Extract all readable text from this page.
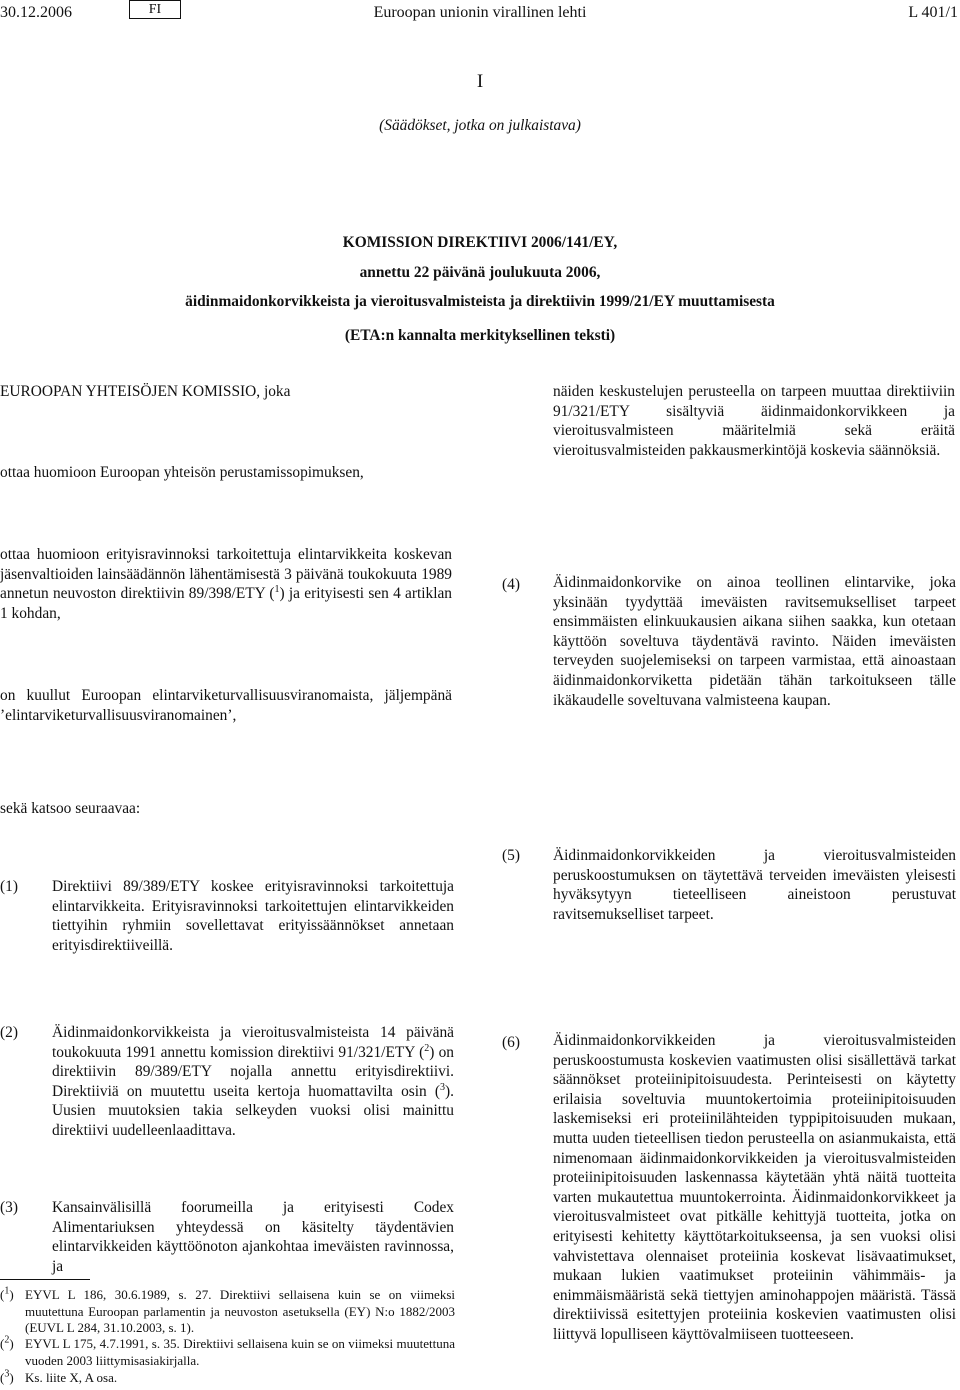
30.12.2006	FI	Euroopan unionin virallinen lehti	L 401/1
I
(Säädökset, jotka on julkaistava)
KOMISSION DIREKTIIVI 2006/141/EY,
annettu 22 päivänä joulukuuta 2006,
äidinmaidonkorvikkeista ja vieroitusvalmisteista ja direktiivin 1999/21/EY muuttamisesta
(ETA:n kannalta merkityksellinen teksti)
EUROOPAN YHTEISÖJEN KOMISSIO, joka
ottaa huomioon Euroopan yhteisön perustamissopimuksen,
ottaa huomioon erityisravinnoksi tarkoitettuja elintarvikkeita koskevan jäsenvaltioiden lainsäädännön lähentämisestä 3 päivänä toukokuuta 1989 annetun neuvoston direktiivin 89/398/ETY ($^1$) ja erityisesti sen 4 artiklan 1 kohdan,
on kuullut Euroopan elintarviketurvallisuusviranomaista, jäljempänä ’elintarviketurvallisuusviranomainen’,
sekä katsoo seuraavaa:
(1)	Direktiivi 89/389/ETY koskee erityisravinnoksi tarkoitettuja elintarvikkeita. Erityisravinnoksi tarkoitettujen elintarvikkeiden tiettyihin ryhmiin sovellettavat erityissäännökset annetaan erityisdirektiiveillä.

(2)	Äidinmaidonkorvikkeista ja vieroitusvalmisteista 14 päivänä toukokuuta 1991 annettu komission direktiivi 91/321/ETY ($^2$) on direktiivin 89/389/ETY nojalla annettu erityisdirektiivi. Direktiiviä on muutettu useita kertoja huomattavilta osin ($^3$). Uusien muutoksien takia selkeyden vuoksi olisi mainittu direktiivi uudelleenlaadittava.

(3)	Kansainvälisillä foorumeilla ja erityisesti Codex Alimentariuksen yhteydessä on käsitelty täydentävien elintarvikkeiden käyttöönoton ajankohtaa imeväisten ravinnossa, ja

($^1$) EYVL L 186, 30.6.1989, s. 27. Direktiivi sellaisena kuin se on viimeksi muutettuna Euroopan parlamentin ja neuvoston asetuksella (EY) N:o 1882/2003 (EUVL L 284, 31.10.2003, s. 1).

($^2$) EYVL L 175, 4.7.1991, s. 35. Direktiivi sellaisena kuin se on viimeksi muutettuna vuoden 2003 liittymisasiakirjalla.

($^3$) Ks. liite X, A osa.

näiden keskustelujen perusteella on tarpeen muuttaa direktiiviin 91/321/ETY sisältyviä äidinmaidonkorvikkeen ja vieroitusvalmisteen määritelmiä sekä eräitä vieroitusvalmisteiden pakkausmerkintöjä koskevia säännöksiä.
(4)	Äidinmaidonkorvike on ainoa teollinen elintarvike, joka yksinään tyydyttää imeväisten ravitsemukselliset tarpeet ensimmäisten elinkuukausien aikana siihen saakka, kun otetaan käyttöön soveltuva täydentävä ravinto. Näiden imeväisten terveyden suojelemiseksi on tarpeen varmistaa, että ainoastaan äidinmaidonkorviketta pidetään tähän tarkoitukseen tälle ikäkaudelle soveltuvana valmisteena kaupan.

(5)	Äidinmaidonkorvikkeiden ja vieroitusvalmisteiden peruskoostumuksen on täytettävä terveiden imeväisten yleisesti hyväksytyyn tieteelliseen aineistoon perustuvat ravitsemukselliset tarpeet.

(6)	Äidinmaidonkorvikkeiden ja vieroitusvalmisteiden peruskoostumusta koskevien vaatimusten olisi sisällettävä tarkat säännökset proteiinipitoisuudesta. Perinteisesti on käytetty erilaisia soveltuvia muuntokertoimia proteiinipitoisuuden laskemiseksi eri proteiinilähteiden typpipitoisuuden mukaan, mutta uuden tieteellisen tiedon perusteella on asianmukaista, että nimenomaan äidinmaidonkorvikkeiden ja vieroitusvalmisteiden proteiinipitoisuuden laskennassa käytetään yhtä näitä tuotteita varten mukautettua muuntokerrointa. Äidinmaidonkorvikkeet ja vieroitusvalmisteet ovat pitkälle kehittyjä tuotteita, jotka on erityisesti kehitetty käyttötarkoitukseensa, ja sen vuoksi olisi vahvistettava olennaiset proteiinia koskevat lisävaatimukset, mukaan lukien vaatimukset proteiinin vähimmäis- ja enimmäismääristä sekä tiettyjen aminohappojen määristä. Tässä direktiivissä esitettyjen proteiinia koskevien vaatimusten olisi liittyvä lopulliseen käyttövalmiiseen tuotteeseen.
